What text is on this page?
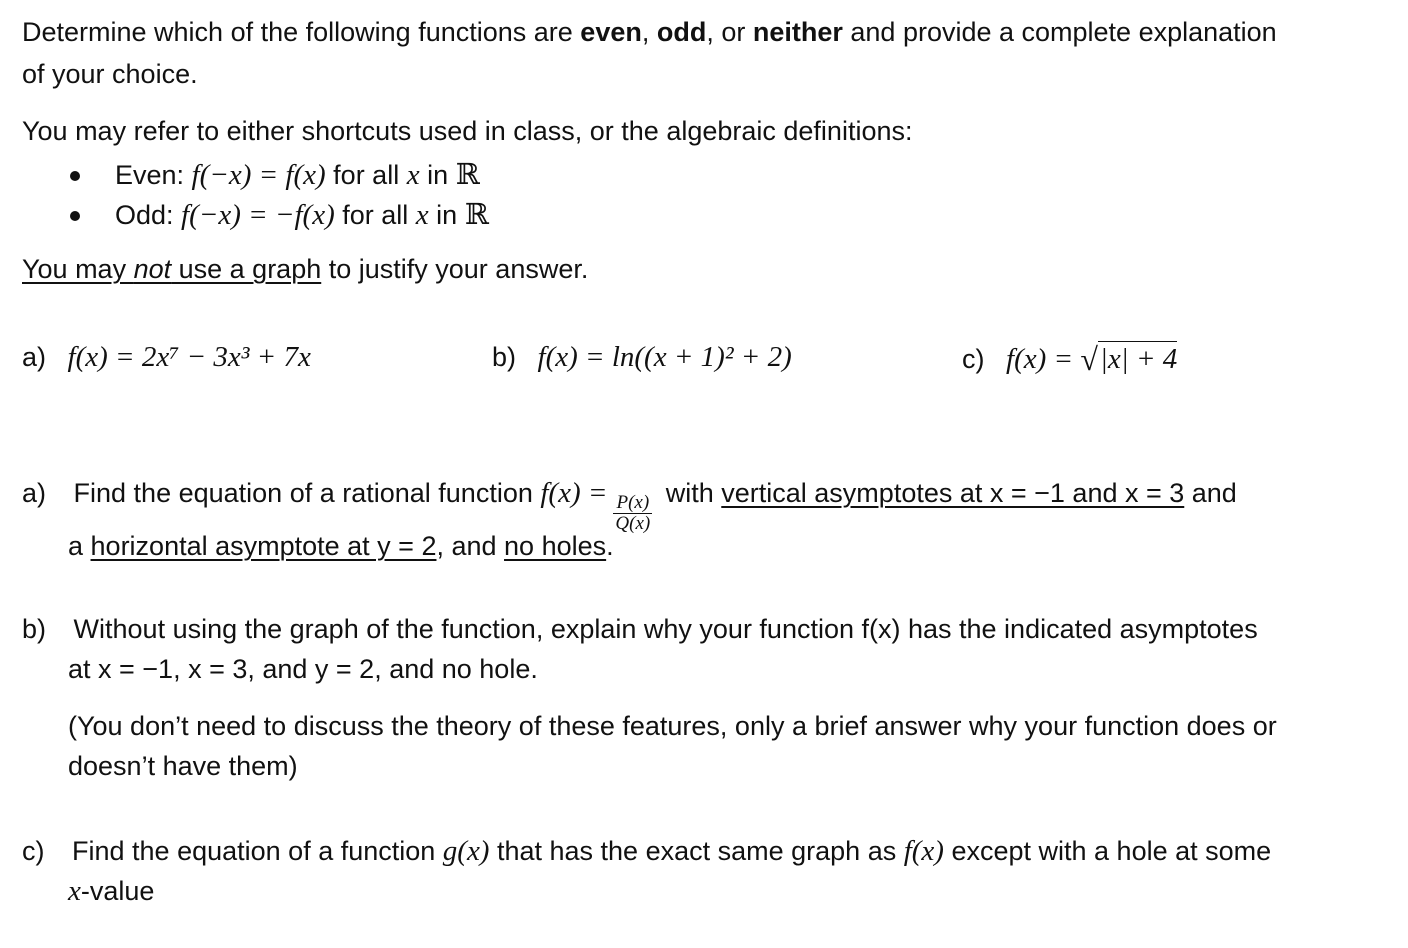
Determine which of the following functions are even, odd, or neither and provide a complete explanation
of your choice.
You may refer to either shortcuts used in class, or the algebraic definitions:
Even: f(−x) = f(x) for all x in ℝ
Odd: f(−x) = −f(x) for all x in ℝ
You may not use a graph to justify your answer.
a) f(x) = 2x⁷ − 3x³ + 7x	b) f(x) = ln((x + 1)² + 2)	c) f(x) = √|x| + 4
a) Find the equation of a rational function $f(x) = \frac{P(x)}{Q(x)}$ with vertical asymptotes at x = −1 and x = 3 and
a horizontal asymptote at y = 2, and no holes.
b) Without using the graph of the function, explain why your function f(x) has the indicated asymptotes
at x = −1, x = 3, and y = 2, and no hole.
(You don’t need to discuss the theory of these features, only a brief answer why your function does or
doesn’t have them)
c) Find the equation of a function g(x) that has the exact same graph as f(x) except with a hole at some
x-value
